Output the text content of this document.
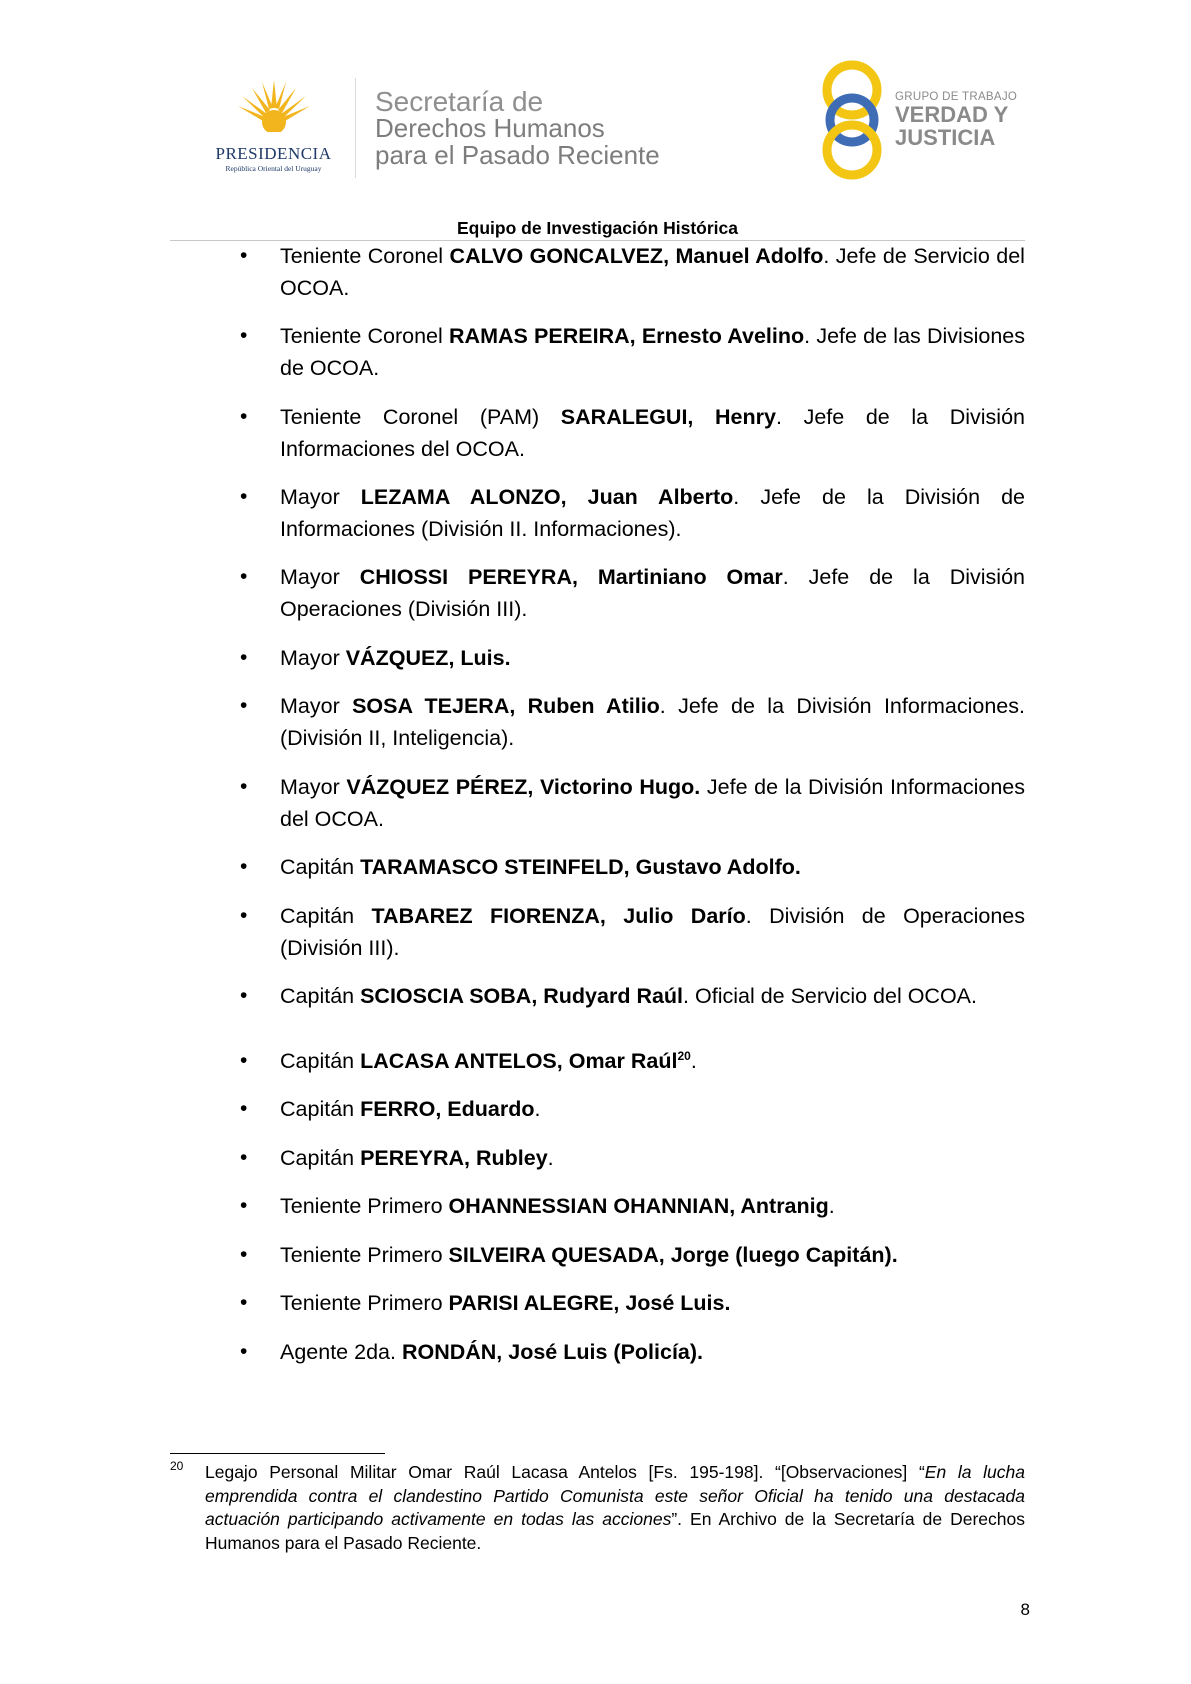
PRESIDENCIA
República Oriental del Uruguay
Secretaría de
Derechos Humanos
para el Pasado Reciente
GRUPO DE TRABAJO
VERDAD Y
JUSTICIA
Equipo de Investigación Histórica
• Teniente Coronel CALVO GONCALVEZ, Manuel Adolfo. Jefe de Servicio del OCOA.
• Teniente Coronel RAMAS PEREIRA, Ernesto Avelino. Jefe de las Divisiones de OCOA.
• Teniente Coronel (PAM) SARALEGUI, Henry. Jefe de la División Informaciones del OCOA.
• Mayor LEZAMA ALONZO, Juan Alberto. Jefe de la División de Informaciones (División II. Informaciones).
• Mayor CHIOSSI PEREYRA, Martiniano Omar. Jefe de la División Operaciones (División III).
• Mayor VÁZQUEZ, Luis.
• Mayor SOSA TEJERA, Ruben Atilio. Jefe de la División Informaciones. (División II, Inteligencia).
• Mayor VÁZQUEZ PÉREZ, Victorino Hugo. Jefe de la División Informaciones del OCOA.
• Capitán TARAMASCO STEINFELD, Gustavo Adolfo.
• Capitán TABAREZ FIORENZA, Julio Darío. División de Operaciones (División III).
• Capitán SCIOSCIA SOBA, Rudyard Raúl. Oficial de Servicio del OCOA.
• Capitán LACASA ANTELOS, Omar Raúl$^{20}$.
• Capitán FERRO, Eduardo.
• Capitán PEREYRA, Rubley.
• Teniente Primero OHANNESSIAN OHANNIAN, Antranig.
• Teniente Primero SILVEIRA QUESADA, Jorge (luego Capitán).
• Teniente Primero PARISI ALEGRE, José Luis.
• Agente 2da. RONDÁN, José Luis (Policía).
20 Legajo Personal Militar Omar Raúl Lacasa Antelos [Fs. 195-198]. “[Observaciones] “En la lucha emprendida contra el clandestino Partido Comunista este señor Oficial ha tenido una destacada actuación participando activamente en todas las acciones”. En Archivo de la Secretaría de Derechos Humanos para el Pasado Reciente.
8
